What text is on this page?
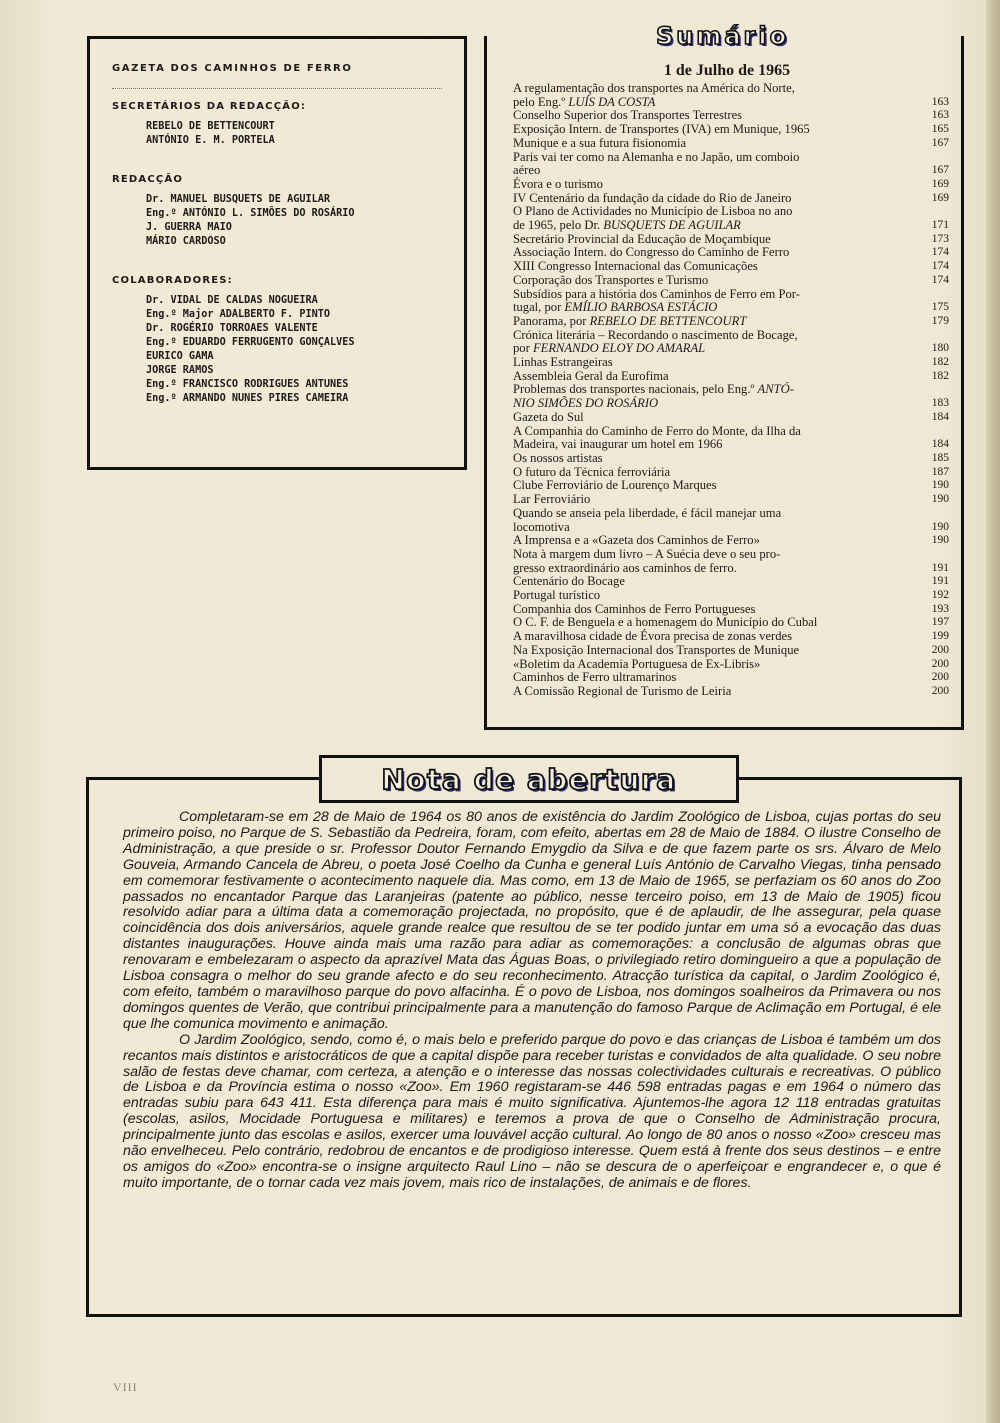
GAZETA DOS CAMINHOS DE FERRO
SECRETÁRIOS DA REDACÇÃO:
REBELO DE BETTENCOURT
ANTÓNIO E. M. PORTELA
REDACÇÃO
Dr. MANUEL BUSQUETS DE AGUILAR
Eng.º ANTÓNIO L. SIMÕES DO ROSÁRIO
J. GUERRA MAIO
MÁRIO CARDOSO
COLABORADORES:
Dr. VIDAL DE CALDAS NOGUEIRA
Eng.º Major ADALBERTO F. PINTO
Dr. ROGÉRIO TORROAES VALENTE
Eng.º EDUARDO FERRUGENTO GONÇALVES
EURICO GAMA
JORGE RAMOS
Eng.º FRANCISCO RODRIGUES ANTUNES
Eng.º ARMANDO NUNES PIRES CAMEIRA
1 de Julho de 1965
A regulamentação dos transportes na América do Norte,
pelo Eng.º LUÍS DA COSTA	163
Conselho Superior dos Transportes Terrestres	163
Exposição Intern. de Transportes (IVA) em Munique, 1965	165
Munique e a sua futura fisionomia	167
Paris vai ter como na Alemanha e no Japão, um comboio
aéreo	167
Évora e o turismo	169
IV Centenário da fundação da cidade do Rio de Janeiro	169
O Plano de Actividades no Município de Lisboa no ano
de 1965, pelo Dr. BUSQUETS DE AGUILAR	171
Secretário Provincial da Educação de Moçambique	173
Associação Intern. do Congresso do Caminho de Ferro	174
XIII Congresso Internacional das Comunicações	174
Corporação dos Transportes e Turismo	174
Subsídios para a história dos Caminhos de Ferro em Por-
tugal, por EMÍLIO BARBOSA ESTÁCIO	175
Panorama, por REBELO DE BETTENCOURT	179
Crónica literária – Recordando o nascimento de Bocage,
por FERNANDO ELOY DO AMARAL	180
Linhas Estrangeiras	182
Assembleia Geral da Eurofima	182
Problemas dos transportes nacionais, pelo Eng.º ANTÓ-
NIO SIMÕES DO ROSÁRIO	183
Gazeta do Sul	184
A Companhia do Caminho de Ferro do Monte, da Ilha da
Madeira, vai inaugurar um hotel em 1966	184
Os nossos artistas	185
O futuro da Técnica ferroviária	187
Clube Ferroviário de Lourenço Marques	190
Lar Ferroviário	190
Quando se anseia pela liberdade, é fácil manejar uma
locomotiva	190
A Imprensa e a «Gazeta dos Caminhos de Ferro»	190
Nota à margem dum livro – A Suécia deve o seu pro-
gresso extraordinário aos caminhos de ferro.	191
Centenário do Bocage	191
Portugal turístico	192
Companhia dos Caminhos de Ferro Portugueses	193
O C. F. de Benguela e a homenagem do Município do Cubal	197
A maravilhosa cidade de Évora precisa de zonas verdes	199
Na Exposição Internacional dos Transportes de Munique	200
«Boletim da Academia Portuguesa de Ex-Libris»	200
Caminhos de Ferro ultramarinos	200
A Comissão Regional de Turismo de Leiria	200
Sumário

Completaram-se em 28 de Maio de 1964 os 80 anos de existência do Jardim Zoológico de Lisboa, cujas portas do seu primeiro poiso, no Parque de S. Sebastião da Pedreira, foram, com efeito, abertas em 28 de Maio de 1884. O ilustre Conselho de Administração, a que preside o sr. Professor Doutor Fernando Emygdio da Silva e de que fazem parte os srs. Álvaro de Melo Gouveia, Armando Cancela de Abreu, o poeta José Coelho da Cunha e general Luís António de Carvalho Viegas, tinha pensado em comemorar festivamente o acontecimento naquele dia. Mas como, em 13 de Maio de 1965, se perfaziam os 60 anos do Zoo passados no encantador Parque das Laranjeiras (patente ao público, nesse terceiro poiso, em 13 de Maio de 1905) ficou resolvido adiar para a última data a comemoração projectada, no propósito, que é de aplaudir, de lhe assegurar, pela quase coincidência dos dois aniversários, aquele grande realce que resultou de se ter podido juntar em uma só a evocação das duas distantes inaugurações. Houve ainda mais uma razão para adiar as comemorações: a conclusão de algumas obras que renovaram e embelezaram o aspecto da aprazível Mata das Águas Boas, o privilegiado retiro domingueiro a que a população de Lisboa consagra o melhor do seu grande afecto e do seu reconhecimento. Atracção turística da capital, o Jardim Zoológico é, com efeito, também o maravilhoso parque do povo alfacinha. É o povo de Lisboa, nos domingos soalheiros da Primavera ou nos domingos quentes de Verão, que contribui principalmente para a manutenção do famoso Parque de Aclimação em Portugal, é ele que lhe comunica movimento e animação.

O Jardim Zoológico, sendo, como é, o mais belo e preferido parque do povo e das crianças de Lisboa é também um dos recantos mais distintos e aristocráticos de que a capital dispõe para receber turistas e convidados de alta qualidade. O seu nobre salão de festas deve chamar, com certeza, a atenção e o interesse das nossas colectividades culturais e recreativas. O público de Lisboa e da Província estima o nosso «Zoo». Em 1960 registaram-se 446 598 entradas pagas e em 1964 o número das entradas subiu para 643 411. Esta diferença para mais é muito significativa. Ajuntemos-lhe agora 12 118 entradas gratuitas (escolas, asilos, Mocidade Portuguesa e militares) e teremos a prova de que o Conselho de Administração procura, principalmente junto das escolas e asilos, exercer uma louvável acção cultural. Ao longo de 80 anos o nosso «Zoo» cresceu mas não envelheceu. Pelo contrário, redobrou de encantos e de prodigioso interesse. Quem está à frente dos seus destinos – e entre os amigos do «Zoo» encontra-se o insigne arquitecto Raul Lino – não se descura de o aperfeiçoar e engrandecer e, o que é muito importante, de o tornar cada vez mais jovem, mais rico de instalações, de animais e de flores.

Nota de abertura
VIII
